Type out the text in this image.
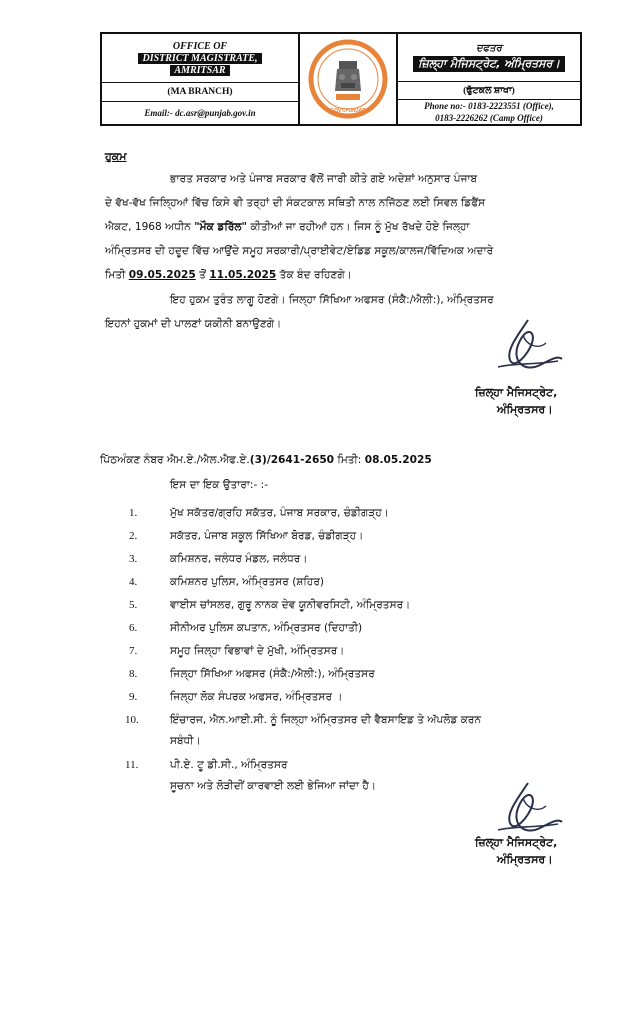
OFFICE OF
DISTRICT MAGISTRATE,
AMRITSAR
(MA BRANCH)
Email:- dc.asr@punjab.gov.in	GOVT.PUNJAB
ਦਫਤਰ
ਜ਼ਿਲ੍ਹਾ ਮੈਜਿਸਟ੍ਰੇਟ, ਅੰਮ੍ਰਿਤਸਰ।
(ਫੁੱਟਕਲ ਸ਼ਾਖਾ)
Phone no:- 0183-2223551 (Office),
0183-2226262 (Camp Office)
ਹੁਕਮ
ਭਾਰਤ ਸਰਕਾਰ ਅਤੇ ਪੰਜਾਬ ਸਰਕਾਰ ਵੱਲੋਂ ਜਾਰੀ ਕੀਤੇ ਗਏ ਅਦੇਸ਼ਾਂ ਅਨੁਸਾਰ ਪੰਜਾਬ
ਦੇ ਵੱਖ-ਵੱਖ ਜਿਲ੍ਹਿਆਂ ਵਿੱਚ ਕਿਸੇ ਵੀ ਤਰ੍ਹਾਂ ਦੀ ਸੰਕਟਕਾਲ ਸਥਿਤੀ ਨਾਲ ਨਜਿੱਠਣ ਲਈ ਸਿਵਲ ਡਿਫੈਂਸ
ਐਕਟ, 1968 ਅਧੀਨ "ਮੌਕ ਡਰਿੱਲ" ਕੀਤੀਆਂ ਜਾ ਰਹੀਆਂ ਹਨ। ਜਿਸ ਨੂੰ ਮੁੱਖ ਰੱਖਦੇ ਹੋਏ ਜਿਲ੍ਹਾ
ਅੰਮ੍ਰਿਤਸਰ ਦੀ ਹਦੂਦ ਵਿੱਚ ਆਉਂਦੇ ਸਮੂਹ ਸਰਕਾਰੀ/ਪ੍ਰਾਈਵੇਟ/ਏਡਿਡ ਸਕੂਲ/ਕਾਲਜ/ਵਿੱਦਿਅਕ ਅਦਾਰੇ
ਮਿਤੀ 09.05.2025 ਤੋਂ 11.05.2025 ਤੱਕ ਬੰਦ ਰਹਿਣਗੇ।
ਇਹ ਹੁਕਮ ਤੁਰੰਤ ਲਾਗੂ ਹੋਣਗੇ। ਜਿਲ੍ਹਾ ਸਿੱਖਿਆ ਅਫਸਰ (ਸੰਕੈ:/ਐਲੀ:), ਅੰਮ੍ਰਿਤਸਰ
ਇਹਨਾਂ ਹੁਕਮਾਂ ਦੀ ਪਾਲਣਾਂ ਯਕੀਨੀ ਬਨਾਉਣਗੇ।
ਜ਼ਿਲ੍ਹਾ ਮੈਜਿਸਟ੍ਰੇਟ,
ਅੰਮ੍ਰਿਤਸਰ।
ਪਿੱਠਅੰਕਣ ਨੰਬਰ ਐਮ.ਏ./ਐਲ.ਐਫ.ਏ.(3)/2641-2650 ਮਿਤੀ: 08.05.2025
ਇਸ ਦਾ ਇਕ ਉਤਾਰਾ:- :-
1.	ਮੁੱਖ ਸਕੱਤਰ/ਗ੍ਰਹਿ ਸਕੱਤਰ, ਪੰਜਾਬ ਸਰਕਾਰ, ਚੰਡੀਗੜ੍ਹ।
2.	ਸਕੱਤਰ, ਪੰਜਾਬ ਸਕੂਲ ਸਿੱਖਿਆ ਬੋਰਡ, ਚੰਡੀਗੜ੍ਹ।
3.	ਕਮਿਸ਼ਨਰ, ਜਲੰਧਰ ਮੰਡਲ, ਜਲੰਧਰ।
4.	ਕਮਿਸ਼ਨਰ ਪੁਲਿਸ, ਅੰਮ੍ਰਿਤਸਰ (ਸ਼ਹਿਰ)
5.	ਵਾਈਸ ਚਾਂਸਲਰ, ਗੁਰੂ ਨਾਨਕ ਦੇਵ ਯੂਨੀਵਰਸਿਟੀ, ਅੰਮ੍ਰਿਤਸਰ।
6.	ਸੀਨੀਅਰ ਪੁਲਿਸ ਕਪਤਾਨ, ਅੰਮ੍ਰਿਤਸਰ (ਦਿਹਾਤੀ)
7.	ਸਮੂਹ ਜਿਲ੍ਹਾ ਵਿਭਾਵਾਂ ਦੇ ਮੁੱਖੀ, ਅੰਮ੍ਰਿਤਸਰ।
8.	ਜਿਲ੍ਹਾ ਸਿੱਖਿਆ ਅਫਸਰ (ਸੰਕੈ:/ਐਲੀ:), ਅੰਮ੍ਰਿਤਸਰ
9.	ਜਿਲ੍ਹਾ ਲੋਕ ਸੰਪਰਕ ਅਫਸਰ, ਅੰਮ੍ਰਿਤਸਰ ।
10.	ਇੰਚਾਰਜ, ਐਨ.ਆਈ.ਸੀ. ਨੂੰ ਜਿਲ੍ਹਾ ਅੰਮ੍ਰਿਤਸਰ ਦੀ ਵੈਬਸਾਇਡ ਤੇ ਅੱਪਲੋਡ ਕਰਨ
ਸਬੰਧੀ।
11.	ਪੀ.ਏ. ਟੂ ਡੀ.ਸੀ., ਅੰਮ੍ਰਿਤਸਰ
ਸੂਚਨਾ ਅਤੇ ਲੋੜੀਦੀਂ ਕਾਰਵਾਈ ਲਈ ਭੇਜਿਆ ਜਾਂਦਾ ਹੈ।
ਜ਼ਿਲ੍ਹਾ ਮੈਜਿਸਟ੍ਰੇਟ,
ਅੰਮ੍ਰਿਤਸਰ।
